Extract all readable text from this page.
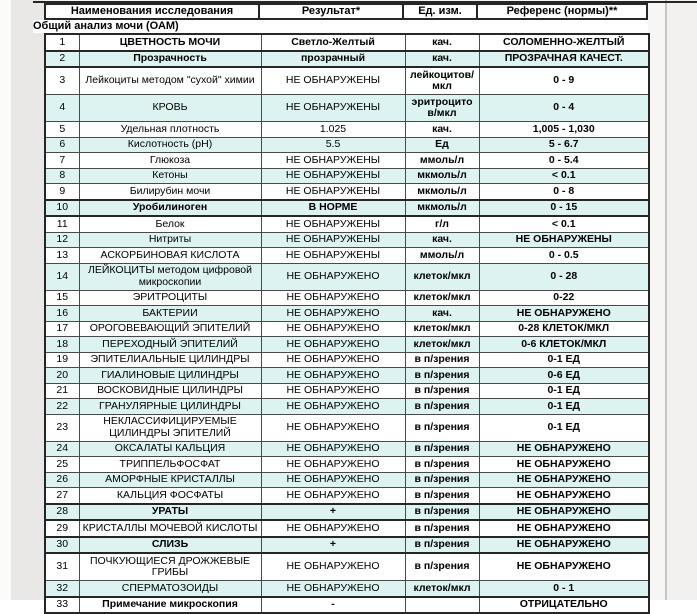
Наименования исследования	Результат*	Ед. изм.	Референс (нормы)**
Общий анализ мочи (ОАМ)
1	ЦВЕТНОСТЬ МОЧИ	Светло-Желтый	кач.	СОЛОМЕННО-ЖЕЛТЫЙ
2	Прозрачность	прозрачный	кач.	ПРОЗРАЧНАЯ КАЧЕСТ.
3	Лейкоциты методом "сухой" химии	НЕ ОБНАРУЖЕНЫ	лейкоцитов/мкл	0 - 9
4	КРОВЬ	НЕ ОБНАРУЖЕНЫ	эритроцитов/мкл	0 - 4
5	Удельная плотность	1.025	кач.	1,005 - 1,030
6	Кислотность (рН)	5.5	Ед	5 - 6.7
7	Глюкоза	НЕ ОБНАРУЖЕНЫ	ммоль/л	0 - 5.4
8	Кетоны	НЕ ОБНАРУЖЕНЫ	мкмоль/л	< 0.1
9	Билирубин мочи	НЕ ОБНАРУЖЕНЫ	мкмоль/л	0 - 8
10	Уробилиноген	В НОРМЕ	мкмоль/л	0 - 15
11	Белок	НЕ ОБНАРУЖЕНЫ	г/л	< 0.1
12	Нитриты	НЕ ОБНАРУЖЕНЫ	кач.	НЕ ОБНАРУЖЕНЫ
13	АСКОРБИНОВАЯ КИСЛОТА	НЕ ОБНАРУЖЕНЫ	ммоль/л	0 - 0.5
14	ЛЕЙКОЦИТЫ методом цифровой микроскопии	НЕ ОБНАРУЖЕНО	клеток/мкл	0 - 28
15	ЭРИТРОЦИТЫ	НЕ ОБНАРУЖЕНО	клеток/мкл	0-22
16	БАКТЕРИИ	НЕ ОБНАРУЖЕНО	кач.	НЕ ОБНАРУЖЕНО
17	ОРОГОВЕВАЮЩИЙ ЭПИТЕЛИЙ	НЕ ОБНАРУЖЕНО	клеток/мкл	0-28 КЛЕТОК/МКЛ
18	ПЕРЕХОДНЫЙ ЭПИТЕЛИЙ	НЕ ОБНАРУЖЕНО	клеток/мкл	0-6 КЛЕТОК/МКЛ
19	ЭПИТЕЛИАЛЬНЫЕ ЦИЛИНДРЫ	НЕ ОБНАРУЖЕНО	в п/зрения	0-1 ЕД
20	ГИАЛИНОВЫЕ ЦИЛИНДРЫ	НЕ ОБНАРУЖЕНО	в п/зрения	0-6 ЕД
21	ВОСКОВИДНЫЕ ЦИЛИНДРЫ	НЕ ОБНАРУЖЕНО	в п/зрения	0-1 ЕД
22	ГРАНУЛЯРНЫЕ ЦИЛИНДРЫ	НЕ ОБНАРУЖЕНО	в п/зрения	0-1 ЕД
23	НЕКЛАССИФИЦИРУЕМЫЕ ЦИЛИНДРЫ ЭПИТЕЛИЙ	НЕ ОБНАРУЖЕНО	в п/зрения	0-1 ЕД
24	ОКСАЛАТЫ КАЛЬЦИЯ	НЕ ОБНАРУЖЕНО	в п/зрения	НЕ ОБНАРУЖЕНО
25	ТРИППЕЛЬФОСФАТ	НЕ ОБНАРУЖЕНО	в п/зрения	НЕ ОБНАРУЖЕНО
26	АМОРФНЫЕ КРИСТАЛЛЫ	НЕ ОБНАРУЖЕНО	в п/зрения	НЕ ОБНАРУЖЕНО
27	КАЛЬЦИЯ ФОСФАТЫ	НЕ ОБНАРУЖЕНО	в п/зрения	НЕ ОБНАРУЖЕНО
28	УРАТЫ	+	в п/зрения	НЕ ОБНАРУЖЕНО
29	КРИСТАЛЛЫ МОЧЕВОЙ КИСЛОТЫ	НЕ ОБНАРУЖЕНО	в п/зрения	НЕ ОБНАРУЖЕНО
30	СЛИЗЬ	+	в п/зрения	НЕ ОБНАРУЖЕНО
31	ПОЧКУЮЩИЕСЯ ДРОЖЖЕВЫЕ ГРИБЫ	НЕ ОБНАРУЖЕНО	в п/зрения	НЕ ОБНАРУЖЕНО
32	СПЕРМАТОЗОИДЫ	НЕ ОБНАРУЖЕНО	клеток/мкл	0 - 1
33	Примечание микроскопия	-		ОТРИЦАТЕЛЬНО
